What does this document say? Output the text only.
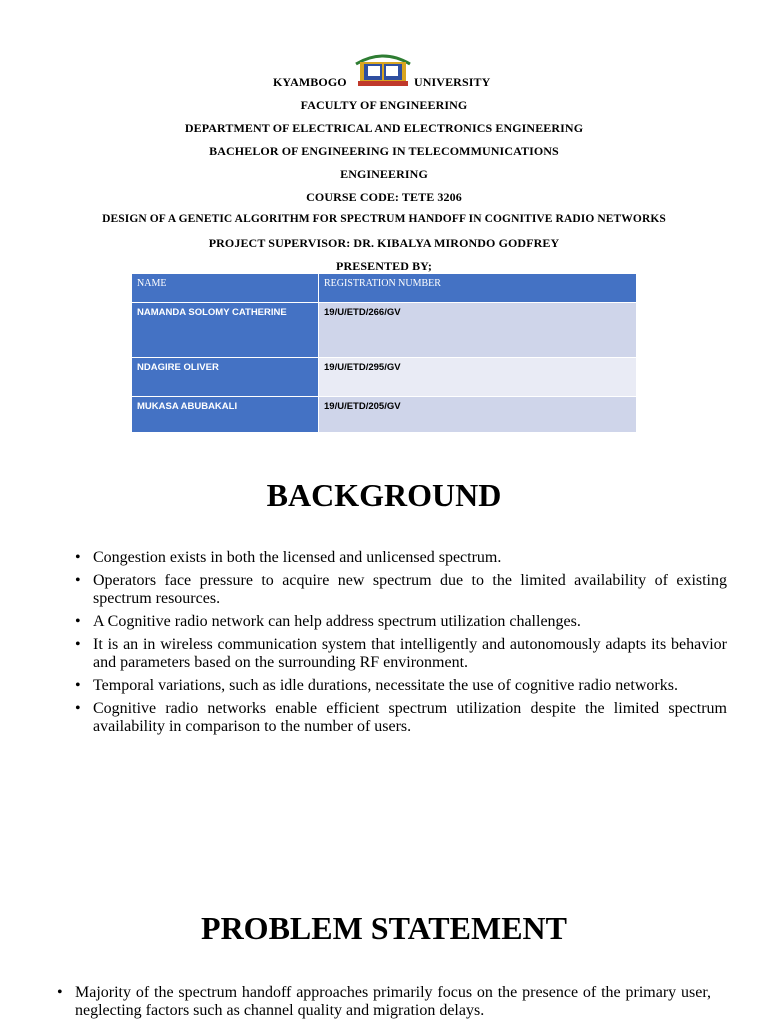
KYAMBOGO	UNIVERSITY
FACULTY OF ENGINEERING
DEPARTMENT OF ELECTRICAL AND ELECTRONICS ENGINEERING
BACHELOR OF ENGINEERING IN TELECOMMUNICATIONS
ENGINEERING
COURSE CODE: TETE 3206
DESIGN OF A GENETIC ALGORITHM FOR SPECTRUM HANDOFF IN COGNITIVE RADIO NETWORKS
PROJECT SUPERVISOR: DR. KIBALYA MIRONDO GODFREY
PRESENTED BY;
NAME	REGISTRATION NUMBER
NAMANDA SOLOMY CATHERINE	19/U/ETD/266/GV
NDAGIRE OLIVER	19/U/ETD/295/GV
MUKASA ABUBAKALI	19/U/ETD/205/GV
BACKGROUND
• Congestion exists in both the licensed and unlicensed spectrum.
• Operators face pressure to acquire new spectrum due to the limited availability of existing spectrum resources.
• A Cognitive radio network can help address spectrum utilization challenges.
• It is an in wireless communication system that intelligently and autonomously adapts its behavior and parameters based on the surrounding RF environment.
• Temporal variations, such as idle durations, necessitate the use of cognitive radio networks.
• Cognitive radio networks enable efficient spectrum utilization despite the limited spectrum availability in comparison to the number of users.
PROBLEM STATEMENT
• Majority of the spectrum handoff approaches primarily focus on the presence of the primary user, neglecting factors such as channel quality and migration delays.
